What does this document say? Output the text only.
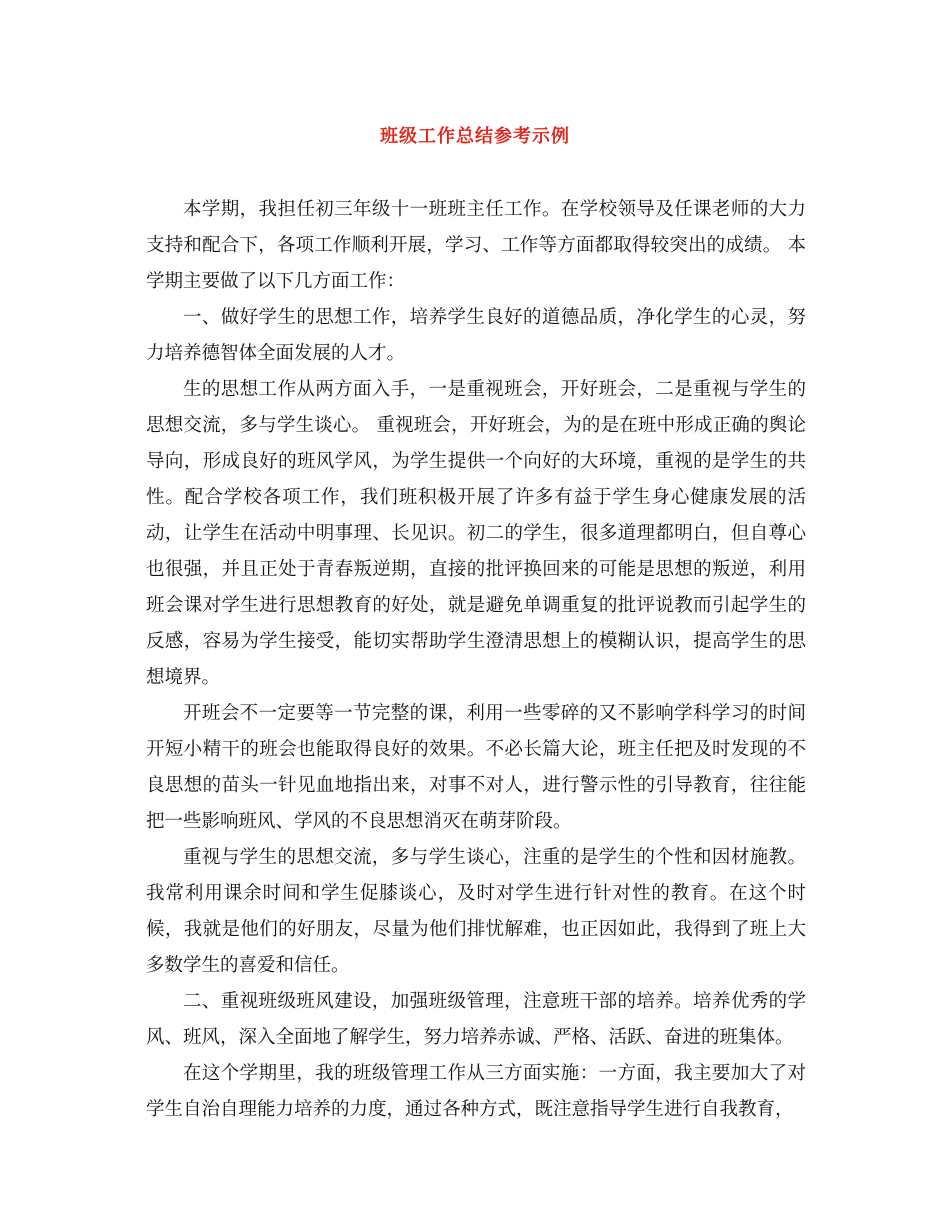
班级工作总结参考示例

本学期，我担任初三年级十一班班主任工作。在学校领导及任课老师的大力支持和配合下，各项工作顺利开展，学习、工作等方面都取得较突出的成绩。 本学期主要做了以下几方面工作：

一、做好学生的思想工作，培养学生良好的道德品质，净化学生的心灵，努力培养德智体全面发展的人才。

生的思想工作从两方面入手，一是重视班会，开好班会，二是重视与学生的思想交流，多与学生谈心。 重视班会，开好班会，为的是在班中形成正确的舆论导向，形成良好的班风学风，为学生提供一个向好的大环境，重视的是学生的共性。配合学校各项工作，我们班积极开展了许多有益于学生身心健康发展的活动，让学生在活动中明事理、长见识。初二的学生，很多道理都明白，但自尊心也很强，并且正处于青春叛逆期，直接的批评换回来的可能是思想的叛逆，利用班会课对学生进行思想教育的好处，就是避免单调重复的批评说教而引起学生的反感，容易为学生接受，能切实帮助学生澄清思想上的模糊认识，提高学生的思想境界。

开班会不一定要等一节完整的课，利用一些零碎的又不影响学科学习的时间开短小精干的班会也能取得良好的效果。不必长篇大论，班主任把及时发现的不良思想的苗头一针见血地指出来，对事不对人，进行警示性的引导教育，往往能把一些影响班风、学风的不良思想消灭在萌芽阶段。

重视与学生的思想交流，多与学生谈心，注重的是学生的个性和因材施教。我常利用课余时间和学生促膝谈心，及时对学生进行针对性的教育。在这个时候，我就是他们的好朋友，尽量为他们排忧解难，也正因如此，我得到了班上大多数学生的喜爱和信任。

二、重视班级班风建设，加强班级管理，注意班干部的培养。培养优秀的学风、班风，深入全面地了解学生，努力培养赤诚、严格、活跃、奋进的班集体。

在这个学期里，我的班级管理工作从三方面实施：一方面，我主要加大了对学生自治自理能力培养的力度，通过各种方式，既注意指导学生进行自我教育，
